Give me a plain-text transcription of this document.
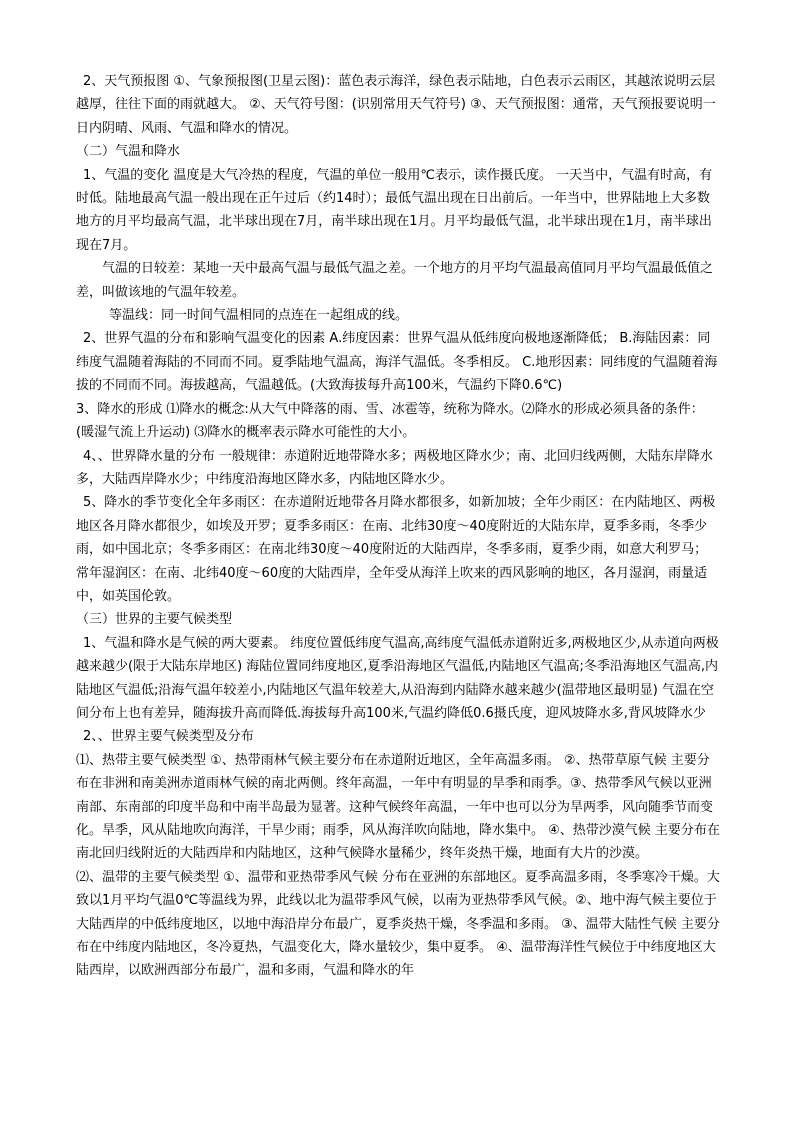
2、天气预报图 ①、气象预报图(卫星云图)：蓝色表示海洋，绿色表示陆地，白色表示云雨区，其越浓说明云层越厚，往往下面的雨就越大。 ②、天气符号图：(识别常用天气符号) ③、天气预报图：通常，天气预报要说明一日内阴晴、风雨、气温和降水的情况。

（二）气温和降水

1、气温的变化 温度是大气冷热的程度，气温的单位一般用℃表示，读作摄氏度。 一天当中，气温有时高，有时低。陆地最高气温一般出现在正午过后（约14时）；最低气温出现在日出前后。一年当中，世界陆地上大多数地方的月平均最高气温，北半球出现在7月，南半球出现在1月。月平均最低气温，北半球出现在1月，南半球出现在7月。

气温的日较差：某地一天中最高气温与最低气温之差。一个地方的月平均气温最高值同月平均气温最低值之差，叫做该地的气温年较差。

等温线：同一时间气温相同的点连在一起组成的线。

2、世界气温的分布和影响气温变化的因素 A.纬度因素：世界气温从低纬度向极地逐渐降低； B.海陆因素：同纬度气温随着海陆的不同而不同。夏季陆地气温高，海洋气温低。冬季相反。 C.地形因素：同纬度的气温随着海拔的不同而不同。海拔越高，气温越低。(大致海拔每升高100米，气温约下降0.6℃)

3、降水的形成 ⑴降水的概念:从大气中降落的雨、雪、冰雹等，统称为降水。⑵降水的形成必须具备的条件：(暖湿气流上升运动) ⑶降水的概率表示降水可能性的大小。

4、、世界降水量的分布 一般规律：赤道附近地带降水多；两极地区降水少；南、北回归线两侧，大陆东岸降水多，大陆西岸降水少；中纬度沿海地区降水多，内陆地区降水少。

5、降水的季节变化全年多雨区：在赤道附近地带各月降水都很多，如新加坡；全年少雨区：在内陆地区、两极地区各月降水都很少，如埃及开罗；夏季多雨区：在南、北纬30度〜40度附近的大陆东岸，夏季多雨，冬季少雨，如中国北京；冬季多雨区：在南北纬30度〜40度附近的大陆西岸，冬季多雨，夏季少雨，如意大利罗马；常年湿润区：在南、北纬40度〜60度的大陆西岸，全年受从海洋上吹来的西风影响的地区，各月湿润，雨量适中，如英国伦敦。

（三）世界的主要气候类型

1、气温和降水是气候的两大要素。 纬度位置低纬度气温高,高纬度气温低赤道附近多,两极地区少,从赤道向两极越来越少(限于大陆东岸地区) 海陆位置同纬度地区,夏季沿海地区气温低,内陆地区气温高;冬季沿海地区气温高,内陆地区气温低;沿海气温年较差小,内陆地区气温年较差大,从沿海到内陆降水越来越少(温带地区最明显) 气温在空间分布上也有差异，随海拔升高而降低.海拔每升高100米,气温约降低0.6摄氏度，迎风坡降水多,背风坡降水少

2、、世界主要气候类型及分布

⑴、热带主要气候类型 ①、热带雨林气候主要分布在赤道附近地区，全年高温多雨。 ②、热带草原气候 主要分布在非洲和南美洲赤道雨林气候的南北两侧。终年高温，一年中有明显的旱季和雨季。③、热带季风气候以亚洲南部、东南部的印度半岛和中南半岛最为显著。这种气候终年高温，一年中也可以分为旱两季，风向随季节而变化。旱季，风从陆地吹向海洋，干旱少雨；雨季，风从海洋吹向陆地，降水集中。 ④、热带沙漠气候 主要分布在南北回归线附近的大陆西岸和内陆地区，这种气候降水量稀少，终年炎热干燥，地面有大片的沙漠。

⑵、温带的主要气候类型 ①、温带和亚热带季风气候 分布在亚洲的东部地区。夏季高温多雨，冬季寒冷干燥。大致以1月平均气温0℃等温线为界，此线以北为温带季风气候，以南为亚热带季风气候。②、地中海气候主要位于大陆西岸的中低纬度地区，以地中海沿岸分布最广，夏季炎热干燥，冬季温和多雨。 ③、温带大陆性气候 主要分布在中纬度内陆地区，冬冷夏热，气温变化大，降水量较少，集中夏季。 ④、温带海洋性气候位于中纬度地区大陆西岸，以欧洲西部分布最广，温和多雨，气温和降水的年
